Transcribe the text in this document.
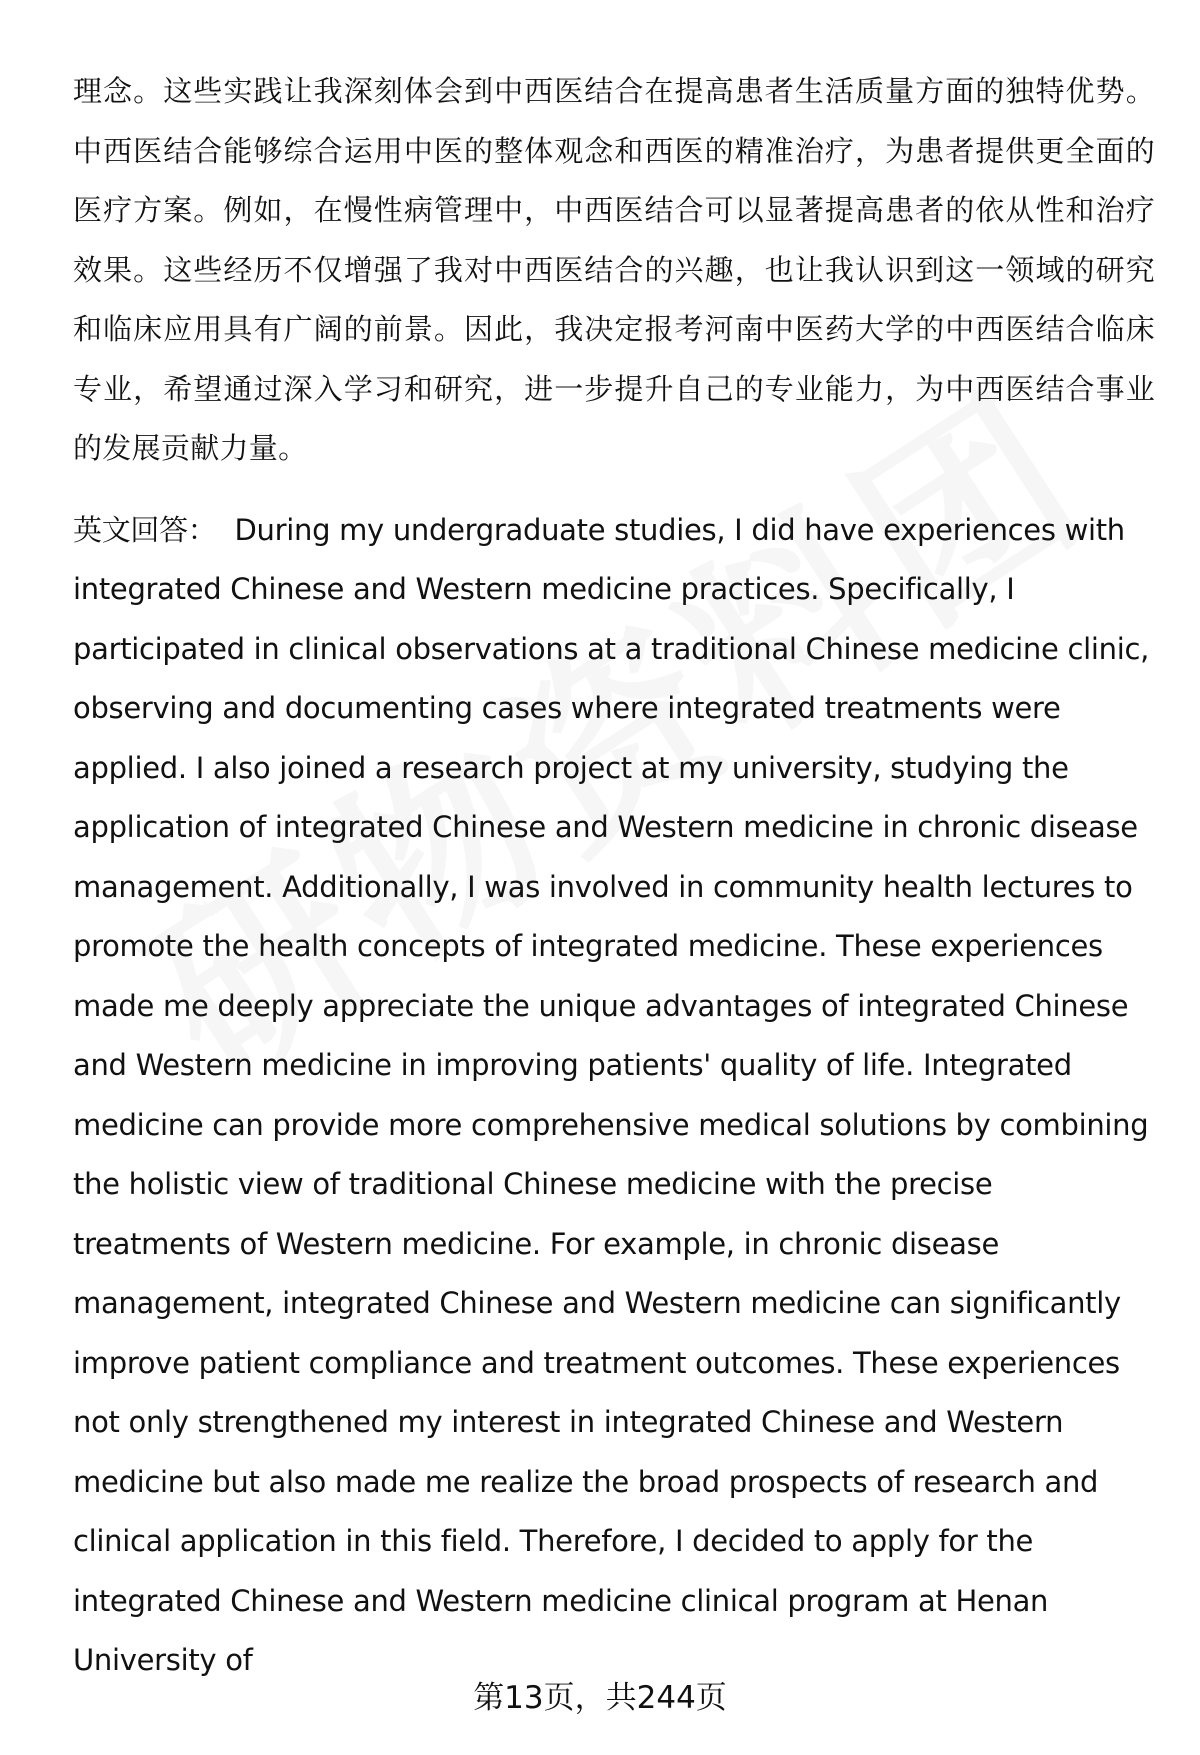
理念。这些实践让我深刻体会到中西医结合在提高患者生活质量方面的独特优势。中西医结合能够综合运用中医的整体观念和西医的精准治疗，为患者提供更全面的医疗方案。例如，在慢性病管理中，中西医结合可以显著提高患者的依从性和治疗效果。这些经历不仅增强了我对中西医结合的兴趣，也让我认识到这一领域的研究和临床应用具有广阔的前景。因此，我决定报考河南中医药大学的中西医结合临床专业，希望通过深入学习和研究，进一步提升自己的专业能力，为中西医结合事业的发展贡献力量。

英文回答： During my undergraduate studies, I did have experiences with integrated Chinese and Western medicine practices. Specifically, I participated in clinical observations at a traditional Chinese medicine clinic, observing and documenting cases where integrated treatments were applied. I also joined a research project at my university, studying the application of integrated Chinese and Western medicine in chronic disease management. Additionally, I was involved in community health lectures to promote the health concepts of integrated medicine. These experiences made me deeply appreciate the unique advantages of integrated Chinese and Western medicine in improving patients' quality of life. Integrated medicine can provide more comprehensive medical solutions by combining the holistic view of traditional Chinese medicine with the precise treatments of Western medicine. For example, in chronic disease management, integrated Chinese and Western medicine can significantly improve patient compliance and treatment outcomes. These experiences not only strengthened my interest in integrated Chinese and Western medicine but also made me realize the broad prospects of research and clinical application in this field. Therefore, I decided to apply for the integrated Chinese and Western medicine clinical program at Henan University of

第13页，共244页
